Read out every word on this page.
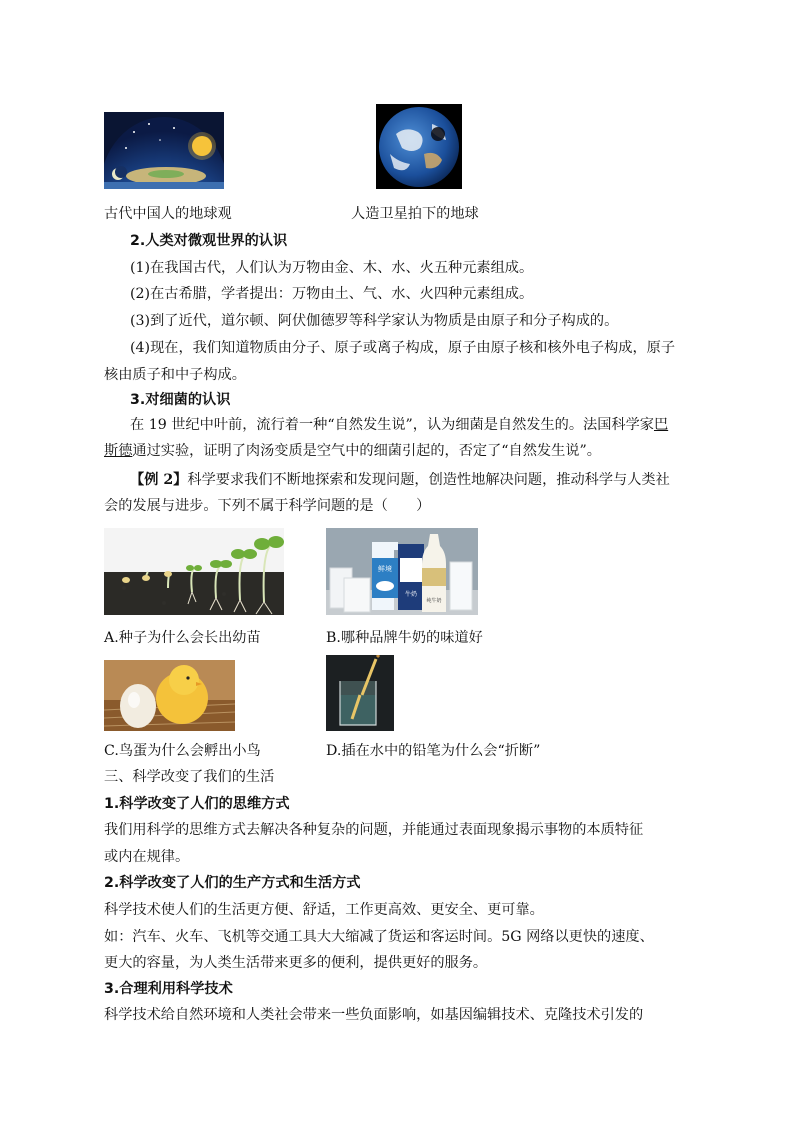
古代中国人的地球观	人造卫星拍下的地球
2.人类对微观世界的认识
(1)在我国古代，人们认为万物由金、木、水、火五种元素组成。
(2)在古希腊，学者提出：万物由土、气、水、火四种元素组成。
(3)到了近代，道尔顿、阿伏伽德罗等科学家认为物质是由原子和分子构成的。
(4)现在，我们知道物质由分子、原子或离子构成，原子由原子核和核外电子构成，原子
核由质子和中子构成。
3.对细菌的认识
在 19 世纪中叶前，流行着一种“自然发生说”，认为细菌是自然发生的。法国科学家巴
斯德通过实验，证明了肉汤变质是空气中的细菌引起的，否定了“自然发生说”。
【例 2】科学要求我们不断地探索和发现问题，创造性地解决问题，推动科学与人类社
会的发展与进步。下列不属于科学问题的是（　　）
鲜境
牛奶
纯牛奶
A.种子为什么会长出幼苗	B.哪种品牌牛奶的味道好
C.鸟蛋为什么会孵出小鸟	D.插在水中的铅笔为什么会“折断”
三、科学改变了我们的生活
1.科学改变了人们的思维方式
我们用科学的思维方式去解决各种复杂的问题，并能通过表面现象揭示事物的本质特征
或内在规律。
2.科学改变了人们的生产方式和生活方式
科学技术使人们的生活更方便、舒适，工作更高效、更安全、更可靠。
如：汽车、火车、飞机等交通工具大大缩减了货运和客运时间。5G 网络以更快的速度、
更大的容量，为人类生活带来更多的便利，提供更好的服务。
3.合理利用科学技术
科学技术给自然环境和人类社会带来一些负面影响，如基因编辑技术、克隆技术引发的
